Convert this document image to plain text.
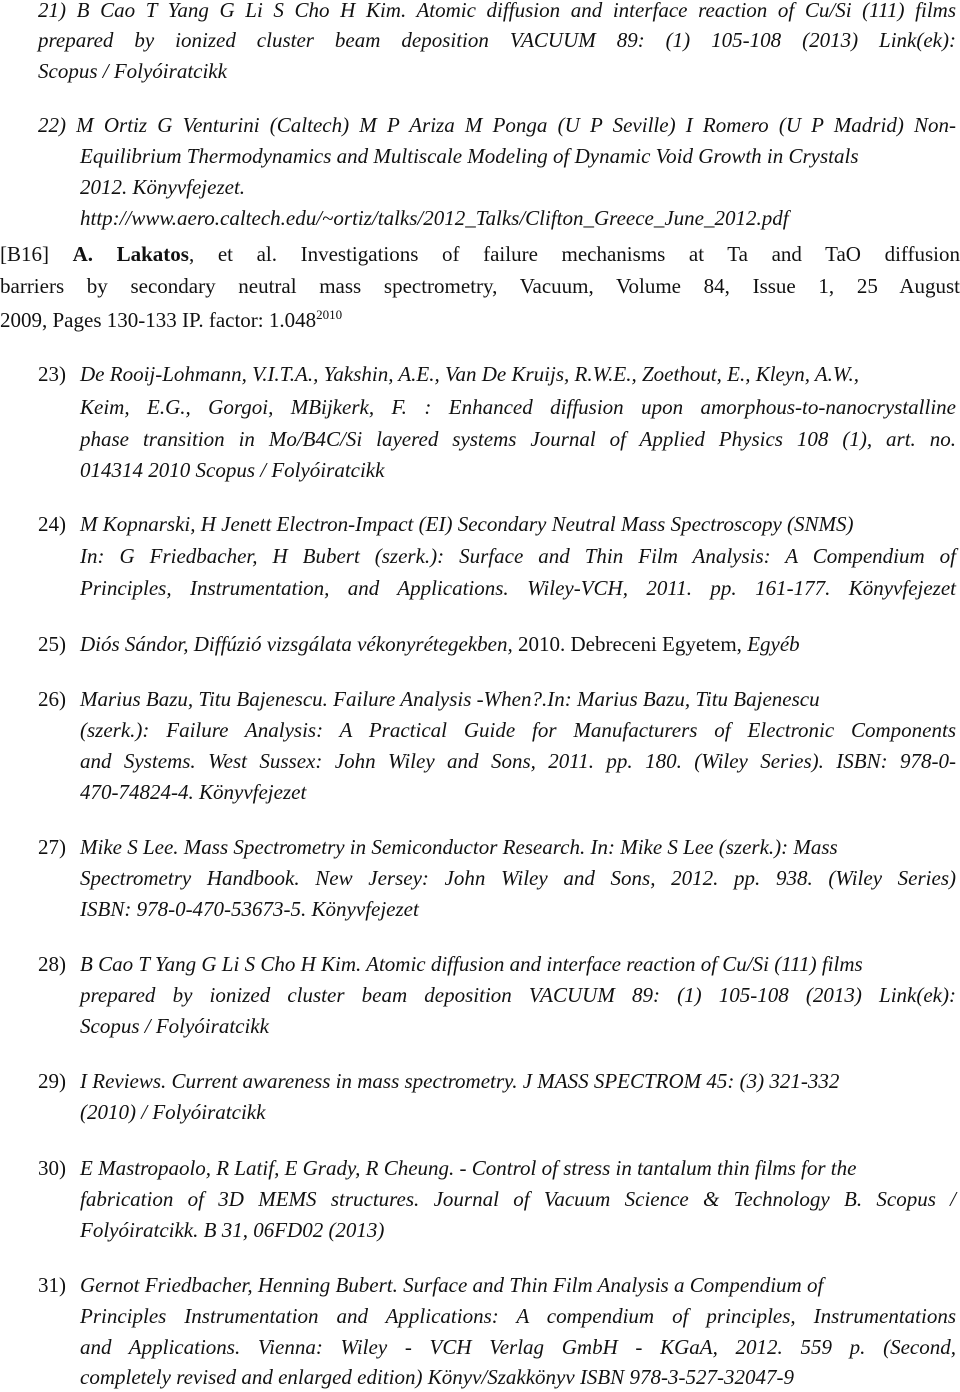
21) B Cao T Yang G Li S Cho H Kim. Atomic diffusion and interface reaction of Cu/Si (111) films
prepared by ionized cluster beam deposition VACUUM 89: (1) 105-108 (2013) Link(ek):
Scopus / Folyóiratcikk
22) M Ortiz G Venturini (Caltech) M P Ariza M Ponga (U P Seville) I Romero (U P Madrid) Non-
Equilibrium Thermodynamics and Multiscale Modeling of Dynamic Void Growth in Crystals
2012. Könyvfejezet.
http://www.aero.caltech.edu/~ortiz/talks/2012_Talks/Clifton_Greece_June_2012.pdf
[B16] A. Lakatos, et al. Investigations of failure mechanisms at Ta and TaO diffusion
barriers by secondary neutral mass spectrometry, Vacuum, Volume 84, Issue 1, 25 August
2009, Pages 130-133 IP. factor: $1.048^{2010}$
23) De Rooij-Lohmann, V.I.T.A., Yakshin, A.E., Van De Kruijs, R.W.E., Zoethout, E., Kleyn, A.W.,
Keim, E.G., Gorgoi, MBijkerk, F. : Enhanced diffusion upon amorphous-to-nanocrystalline
phase transition in Mo/B4C/Si layered systems Journal of Applied Physics 108 (1), art. no.
014314 2010 Scopus / Folyóiratcikk
24) M Kopnarski, H Jenett Electron-Impact (EI) Secondary Neutral Mass Spectroscopy (SNMS)
In: G Friedbacher, H Bubert (szerk.): Surface and Thin Film Analysis: A Compendium of
Principles, Instrumentation, and Applications. Wiley-VCH, 2011. pp. 161-177. Könyvfejezet
25) Diós Sándor, Diffúzió vizsgálata vékonyrétegekben, 2010. Debreceni Egyetem, Egyéb
26) Marius Bazu, Titu Bajenescu. Failure Analysis -When?.In: Marius Bazu, Titu Bajenescu
(szerk.): Failure Analysis: A Practical Guide for Manufacturers of Electronic Components
and Systems. West Sussex: John Wiley and Sons, 2011. pp. 180. (Wiley Series). ISBN: 978-0-
470-74824-4. Könyvfejezet
27) Mike S Lee. Mass Spectrometry in Semiconductor Research. In: Mike S Lee (szerk.): Mass
Spectrometry Handbook. New Jersey: John Wiley and Sons, 2012. pp. 938. (Wiley Series)
ISBN: 978-0-470-53673-5. Könyvfejezet
28) B Cao T Yang G Li S Cho H Kim. Atomic diffusion and interface reaction of Cu/Si (111) films
prepared by ionized cluster beam deposition VACUUM 89: (1) 105-108 (2013) Link(ek):
Scopus / Folyóiratcikk
29) I Reviews. Current awareness in mass spectrometry. J MASS SPECTROM 45: (3) 321-332
(2010) / Folyóiratcikk
30) E Mastropaolo, R Latif, E Grady, R Cheung. - Control of stress in tantalum thin films for the
fabrication of 3D MEMS structures. Journal of Vacuum Science & Technology B. Scopus /
Folyóiratcikk. B 31, 06FD02 (2013)
31) Gernot Friedbacher, Henning Bubert. Surface and Thin Film Analysis a Compendium of
Principles Instrumentation and Applications: A compendium of principles, Instrumentations
and Applications. Vienna: Wiley - VCH Verlag GmbH - KGaA, 2012. 559 p. (Second,
completely revised and enlarged edition) Könyv/Szakkönyv ISBN 978-3-527-32047-9
